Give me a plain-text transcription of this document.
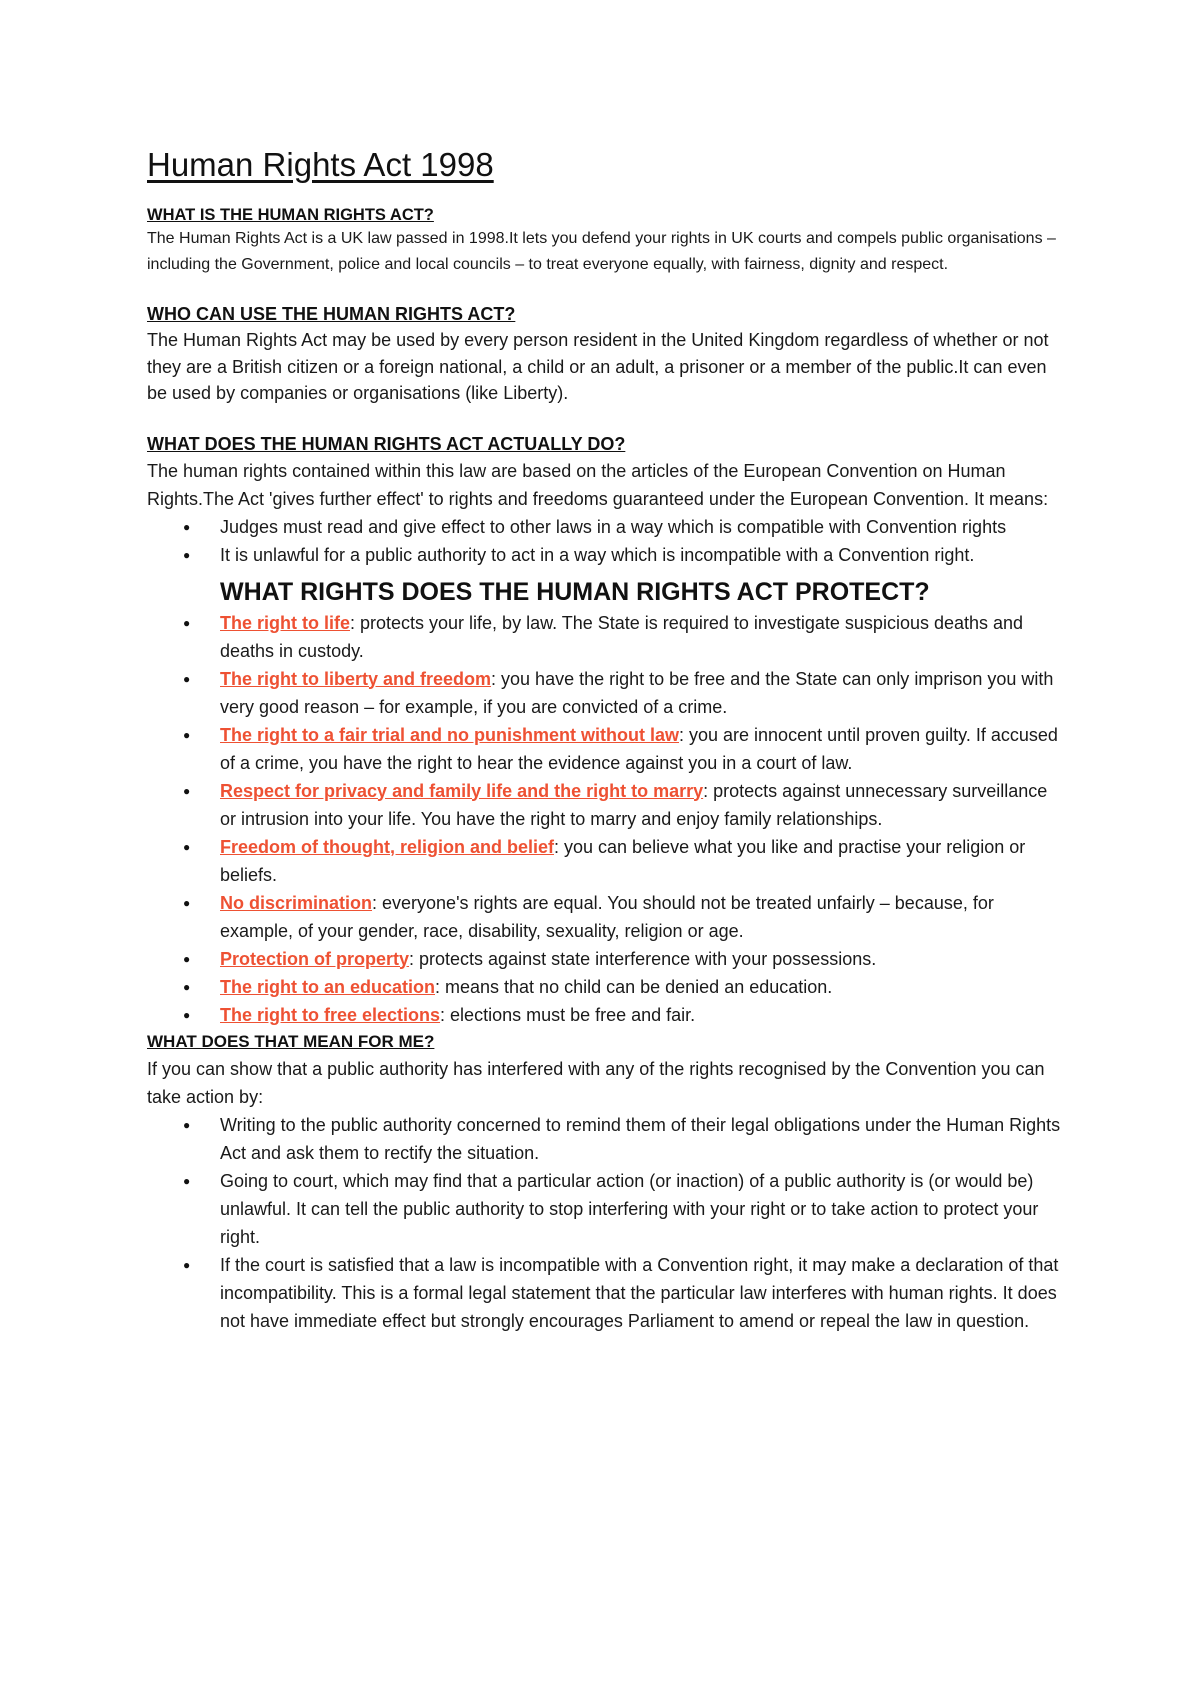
Human Rights Act 1998
WHAT IS THE HUMAN RIGHTS ACT?

The Human Rights Act is a UK law passed in 1998.It lets you defend your rights in UK courts and compels public organisations – including the Government, police and local councils – to treat everyone equally, with fairness, dignity and respect.

WHO CAN USE THE HUMAN RIGHTS ACT?

The Human Rights Act may be used by every person resident in the United Kingdom regardless of whether or not they are a British citizen or a foreign national, a child or an adult, a prisoner or a member of the public.It can even be used by companies or organisations (like Liberty).

WHAT DOES THE HUMAN RIGHTS ACT ACTUALLY DO?

The human rights contained within this law are based on the articles of the European Convention on Human Rights.The Act 'gives further effect' to rights and freedoms guaranteed under the European Convention. It means:

● Judges must read and give effect to other laws in a way which is compatible with Convention rights
● It is unlawful for a public authority to act in a way which is incompatible with a Convention right.
WHAT RIGHTS DOES THE HUMAN RIGHTS ACT PROTECT?
● The right to life: protects your life, by law. The State is required to investigate suspicious deaths and deaths in custody.
● The right to liberty and freedom: you have the right to be free and the State can only imprison you with very good reason – for example, if you are convicted of a crime.
● The right to a fair trial and no punishment without law: you are innocent until proven guilty. If accused of a crime, you have the right to hear the evidence against you in a court of law.
● Respect for privacy and family life and the right to marry: protects against unnecessary surveillance or intrusion into your life. You have the right to marry and enjoy family relationships.
● Freedom of thought, religion and belief: you can believe what you like and practise your religion or beliefs.
● No discrimination: everyone's rights are equal. You should not be treated unfairly – because, for example, of your gender, race, disability, sexuality, religion or age.
● Protection of property: protects against state interference with your possessions.
● The right to an education: means that no child can be denied an education.
● The right to free elections: elections must be free and fair.
WHAT DOES THAT MEAN FOR ME?

If you can show that a public authority has interfered with any of the rights recognised by the Convention you can take action by:

● Writing to the public authority concerned to remind them of their legal obligations under the Human Rights Act and ask them to rectify the situation.
● Going to court, which may find that a particular action (or inaction) of a public authority is (or would be) unlawful. It can tell the public authority to stop interfering with your right or to take action to protect your right.
● If the court is satisfied that a law is incompatible with a Convention right, it may make a declaration of that incompatibility. This is a formal legal statement that the particular law interferes with human rights. It does not have immediate effect but strongly encourages Parliament to amend or repeal the law in question.
